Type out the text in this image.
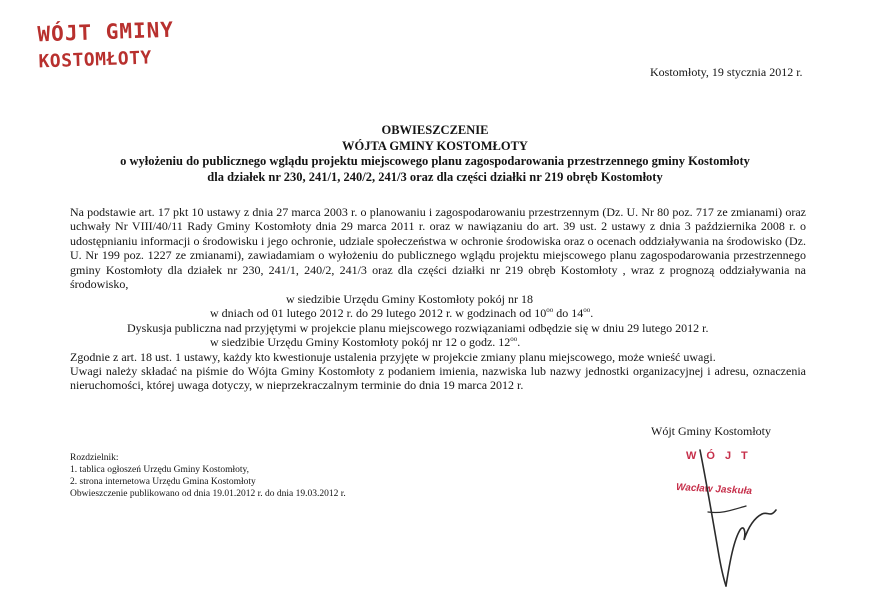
WÓJT GMINY
KOSTOMŁOTY	Kostomłoty, 19 stycznia 2012 r.
OBWIESZCZENIE
WÓJTA GMINY KOSTOMŁOTY
o wyłożeniu do publicznego wglądu projektu miejscowego planu zagospodarowania przestrzennego gminy Kostomłoty
dla działek nr 230, 241/1, 240/2, 241/3 oraz dla części działki nr 219 obręb Kostomłoty
Na podstawie art. 17 pkt 10 ustawy z dnia 27 marca 2003 r. o planowaniu i zagospodarowaniu przestrzennym (Dz. U. Nr 80 poz. 717 ze zmianami) oraz uchwały Nr VIII/40/11 Rady Gminy Kostomłoty dnia 29 marca 2011 r. oraz w nawiązaniu do art. 39 ust. 2 ustawy z dnia 3 października 2008 r. o udostępnianiu informacji o środowisku i jego ochronie, udziale społeczeństwa w ochronie środowiska oraz o ocenach oddziaływania na środowisko (Dz. U. Nr 199 poz. 1227 ze zmianami), zawiadamiam o wyłożeniu do publicznego wglądu projektu miejscowego planu zagospodarowania przestrzennego gminy Kostomłoty dla działek nr 230, 241/1, 240/2, 241/3 oraz dla części działki nr 219 obręb Kostomłoty , wraz z prognozą oddziaływania na środowisko,
w siedzibie Urzędu Gminy Kostomłoty pokój nr 18
w dniach od 01 lutego 2012 r. do 29 lutego 2012 r. w godzinach od $10^{oo}$ do $14^{oo}$.
Dyskusja publiczna nad przyjętymi w projekcie planu miejscowego rozwiązaniami odbędzie się w dniu 29 lutego 2012 r.
w siedzibie Urzędu Gminy Kostomłoty pokój nr 12 o godz. $12^{oo}$.
Zgodnie z art. 18 ust. 1 ustawy, każdy kto kwestionuje ustalenia przyjęte w projekcie zmiany planu miejscowego, może wnieść uwagi.
Uwagi należy składać na piśmie do Wójta Gminy Kostomłoty z podaniem imienia, nazwiska lub nazwy jednostki organizacyjnej i adresu, oznaczenia nieruchomości, której uwaga dotyczy, w nieprzekraczalnym terminie do dnia 19 marca 2012 r.
Wójt Gminy Kostomłoty
WÓJT
Wacław Jaskuła
Rozdzielnik:
1. tablica ogłoszeń Urzędu Gminy Kostomłoty,
2. strona internetowa Urzędu Gmina Kostomłoty
Obwieszczenie publikowano od dnia 19.01.2012 r. do dnia 19.03.2012 r.
